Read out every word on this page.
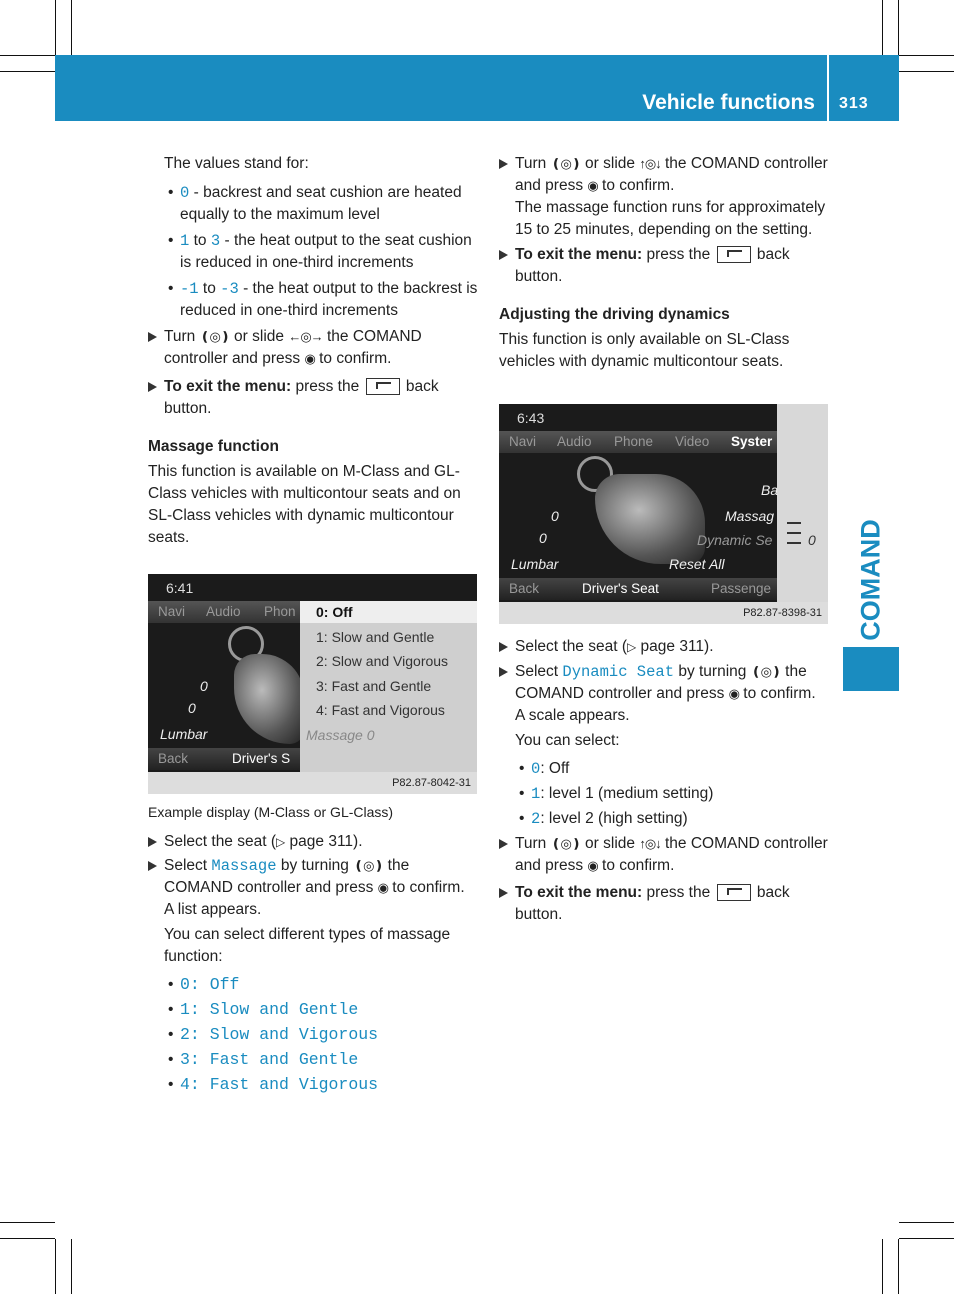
Vehicle functions 313
COMAND

The values stand for:

• 0 - backrest and seat cushion are heated equally to the maximum level
• 1 to 3 - the heat output to the seat cushion is reduced in one-third increments
• -1 to -3 - the heat output to the backrest is reduced in one-third increments
Turn ❪◎❫ or slide ←◎→ the COMAND controller and press ◉ to confirm.
To exit the menu: press the  back button.

Massage function

This function is available on M-Class and GL-Class vehicles with multicontour seats and on SL-Class vehicles with dynamic multicontour seats.

6:41
Navi Audio Phon
0
0
Lumbar
0: Off
1: Slow and Gentle
2: Slow and Vigorous
3: Fast and Gentle
4: Fast and Vigorous
Massage 0
Back	Driver's S
P82.87-8042-31

Example display (M-Class or GL-Class)

Select the seat (▷ page 311).
Select Massage by turning ❪◎❫ the COMAND controller and press ◉ to confirm.

A list appears.

You can select different types of massage function:

• 0: Off
• 1: Slow and Gentle
• 2: Slow and Vigorous
• 3: Fast and Gentle
• 4: Fast and Vigorous
Turn ❪◎❫ or slide ↑◎↓ the COMAND controller and press ◉ to confirm.

The massage function runs for approximately 15 to 25 minutes, depending on the setting.

To exit the menu: press the  back button.

Adjusting the driving dynamics

This function is only available on SL-Class vehicles with dynamic multicontour seats.

6:43
Navi Audio Phone Video Syster
0
0
Lumbar
Ba
Massag
Dynamic Se
Reset All
0
Back	Driver's Seat	Passenge
P82.87-8398-31
Select the seat (▷ page 311).
Select Dynamic Seat by turning ❪◎❫ the COMAND controller and press ◉ to confirm.

A scale appears.

You can select:

• 0: Off
• 1: level 1 (medium setting)
• 2: level 2 (high setting)
Turn ❪◎❫ or slide ↑◎↓ the COMAND controller and press ◉ to confirm.
To exit the menu: press the  back button.
